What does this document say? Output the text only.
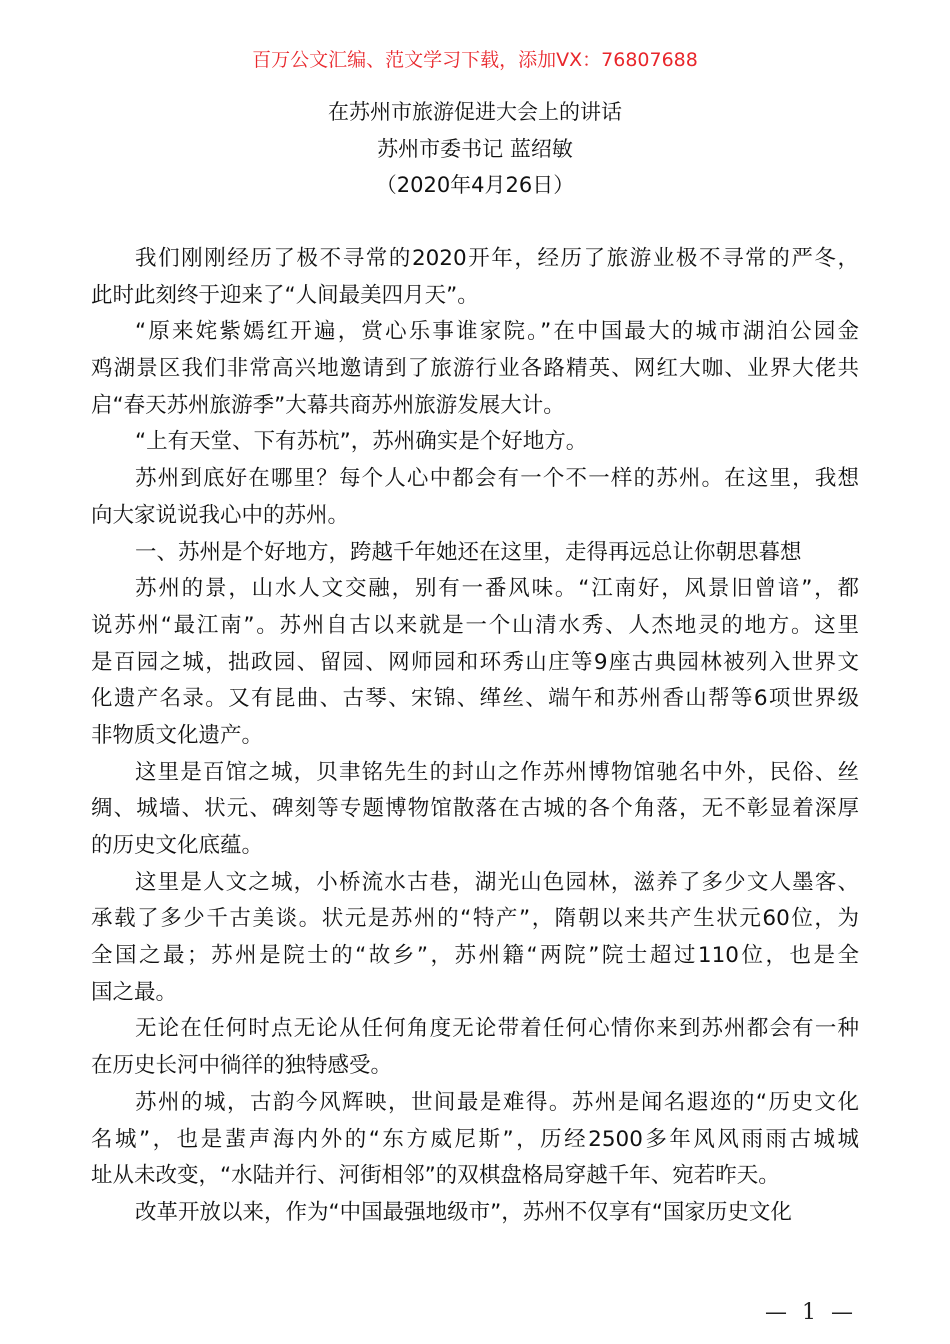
百万公文汇编、范文学习下载，添加VX：76807688
在苏州市旅游促进大会上的讲话
苏州市委书记 蓝绍敏
（2020年4月26日）
我们刚刚经历了极不寻常的2020开年，经历了旅游业极不寻常的严冬，
此时此刻终于迎来了“人间最美四月天”。
“原来姹紫嫣红开遍，赏心乐事谁家院。”在中国最大的城市湖泊公园金
鸡湖景区我们非常高兴地邀请到了旅游行业各路精英、网红大咖、业界大佬共
启“春天苏州旅游季”大幕共商苏州旅游发展大计。
“上有天堂、下有苏杭”，苏州确实是个好地方。
苏州到底好在哪里？每个人心中都会有一个不一样的苏州。在这里，我想
向大家说说我心中的苏州。
一、苏州是个好地方，跨越千年她还在这里，走得再远总让你朝思暮想
苏州的景，山水人文交融，别有一番风味。“江南好，风景旧曾谙”，都
说苏州“最江南”。苏州自古以来就是一个山清水秀、人杰地灵的地方。这里
是百园之城，拙政园、留园、网师园和环秀山庄等9座古典园林被列入世界文
化遗产名录。又有昆曲、古琴、宋锦、缂丝、端午和苏州香山帮等6项世界级
非物质文化遗产。
这里是百馆之城，贝聿铭先生的封山之作苏州博物馆驰名中外，民俗、丝
绸、城墙、状元、碑刻等专题博物馆散落在古城的各个角落，无不彰显着深厚
的历史文化底蕴。
这里是人文之城，小桥流水古巷，湖光山色园林，滋养了多少文人墨客、
承载了多少千古美谈。状元是苏州的“特产”，隋朝以来共产生状元60位，为
全国之最；苏州是院士的“故乡”，苏州籍“两院”院士超过110位，也是全
国之最。
无论在任何时点无论从任何角度无论带着任何心情你来到苏州都会有一种
在历史长河中徜徉的独特感受。
苏州的城，古韵今风辉映，世间最是难得。苏州是闻名遐迩的“历史文化
名城”，也是蜚声海内外的“东方威尼斯”，历经2500多年风风雨雨古城城
址从未改变，“水陆并行、河街相邻”的双棋盘格局穿越千年、宛若昨天。
改革开放以来，作为“中国最强地级市”，苏州不仅享有“国家历史文化
— 1 —
